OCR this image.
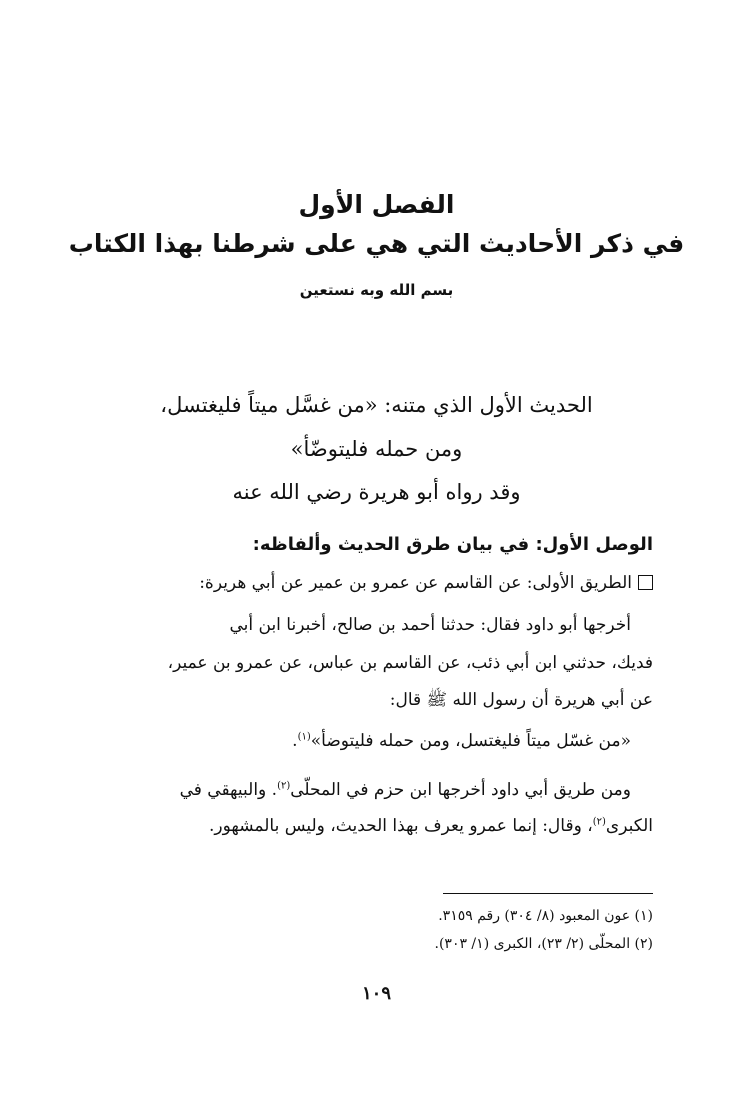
الفصل الأول
في ذكر الأحاديث التي هي على شرطنا بهذا الكتاب
بسم الله وبه نستعين
الحديث الأول الذي متنه: «من غسَّل ميتاً فليغتسل،
ومن حمله فليتوضّأ»
وقد رواه أبو هريرة رضي الله عنه
الوصل الأول: في بيان طرق الحديث وألفاظه:
الطريق الأولى: عن القاسم عن عمرو بن عمير عن أبي هريرة:
أخرجها أبو داود فقال: حدثنا أحمد بن صالح، أخبرنا ابن أبي
فديك، حدثني ابن أبي ذئب، عن القاسم بن عباس، عن عمرو بن عمير،
عن أبي هريرة أن رسول الله ﷺ قال:
«من غسّل ميتاً فليغتسل، ومن حمله فليتوضأ»$^{(١)}$.
ومن طريق أبي داود أخرجها ابن حزم في المحلّى$^{(٢)}$. والبيهقي في
الكبرى$^{(٢)}$، وقال: إنما عمرو يعرف بهذا الحديث، وليس بالمشهور.
(١) عون المعبود (٨/ ٣٠٤) رقم ٣١٥٩.
(٢) المحلّى (٢/ ٢٣)، الكبرى (١/ ٣٠٣).
١٠٩
